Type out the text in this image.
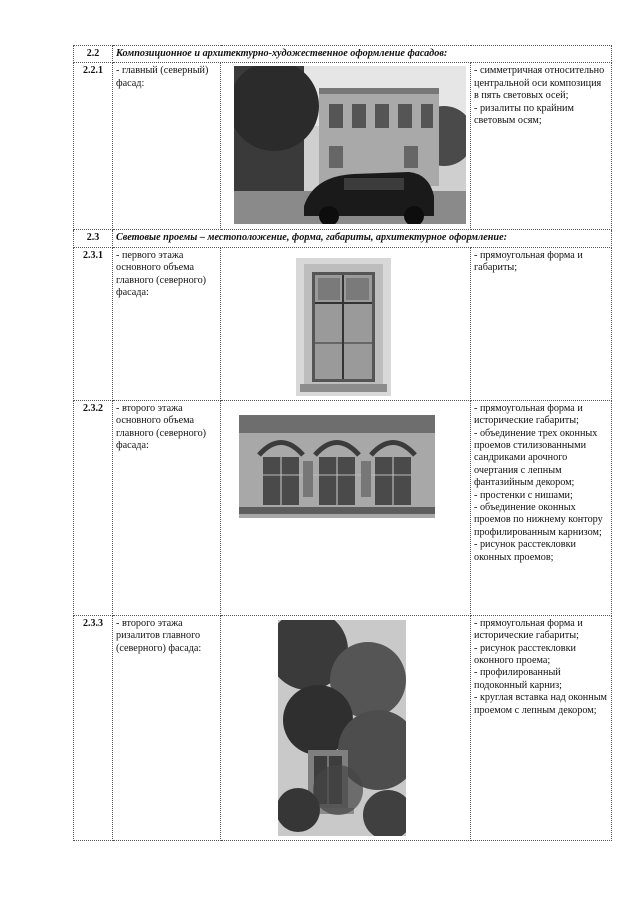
2.2	Композиционное и архитектурно-художественное оформление фасадов:		
2.2.1	- главный (северный) фасад:		- симметричная относительно центральной оси композиция в пять световых осей;
- ризалиты по крайним световым осям;
2.3	Световые проемы – местоположение, форма, габариты, архитектурное оформление:		
2.3.1	- первого этажа основного объема главного (северного) фасада:		- прямоугольная форма и габариты;
2.3.2	- второго этажа основного объема главного (северного) фасада:		- прямоугольная форма и исторические габариты;
- объединение трех оконных проемов стилизованными сандриками арочного очертания с лепным фантазийным декором;
- простенки с нишами;
- объединение оконных проемов по нижнему контору профилированным карнизом;
- рисунок расстекловки оконных проемов;
2.3.3	- второго этажа ризалитов главного (северного) фасада:		- прямоугольная форма и исторические габариты;
- рисунок расстекловки оконного проема;
- профилированный подоконный карниз;
- круглая вставка над оконным проемом с лепным декором;
